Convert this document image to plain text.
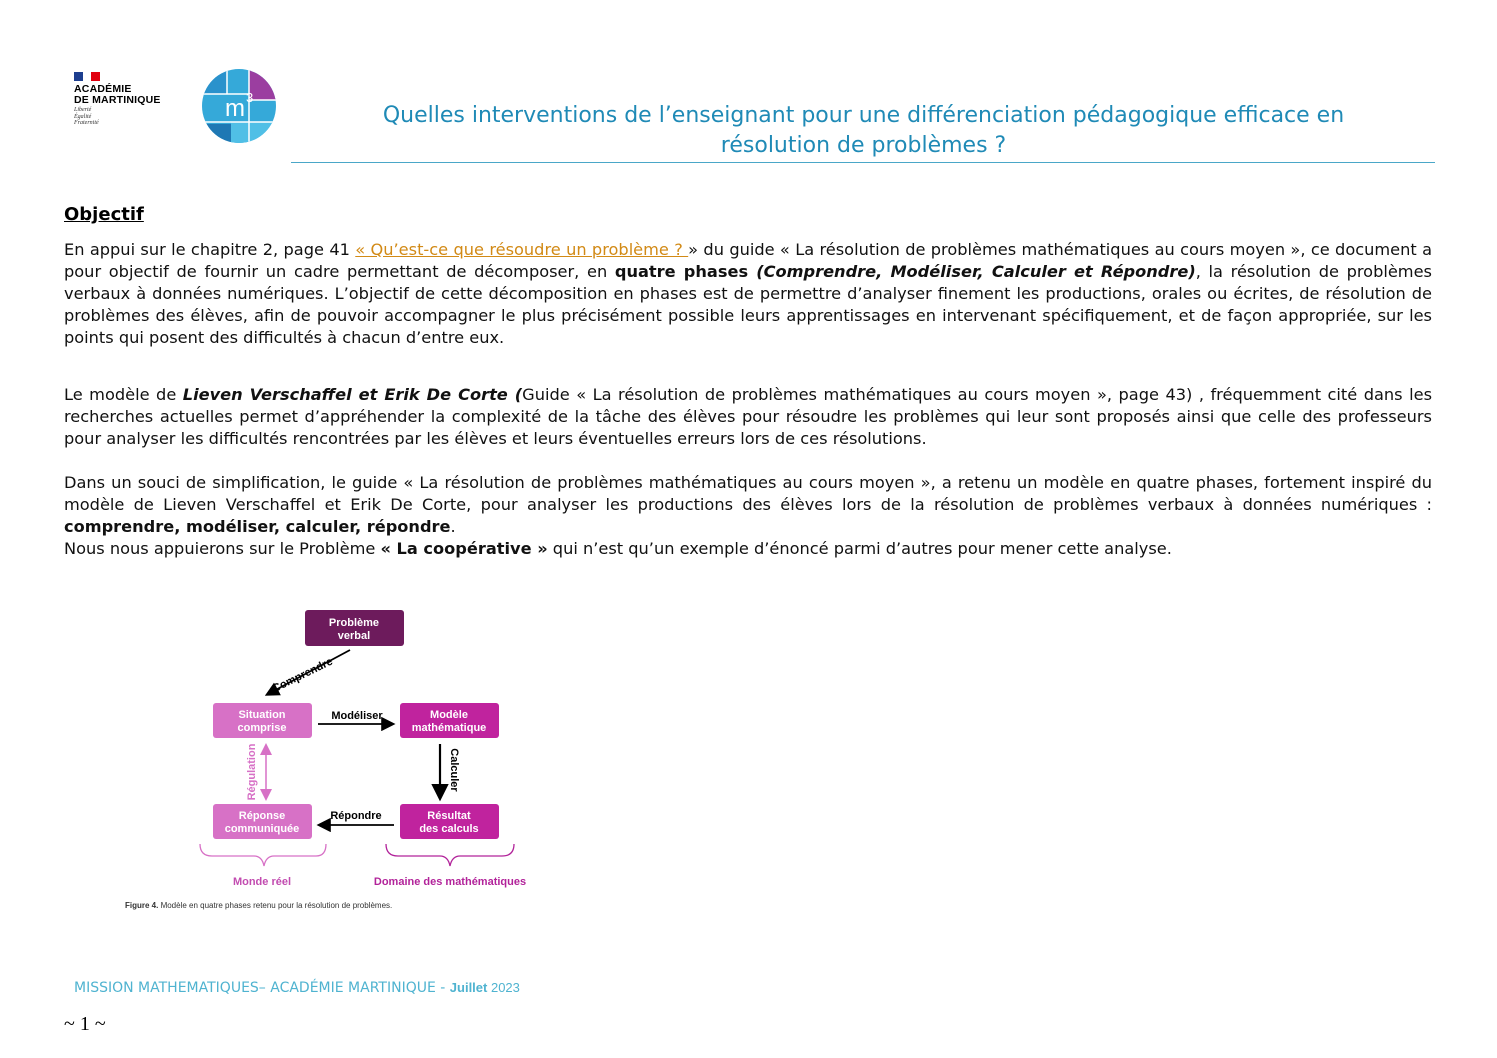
ACADÉMIE
DE MARTINIQUE
Liberté
Égalité
Fraternité
m 3
Quelles interventions de l’enseignant pour une différenciation pédagogique efficace en
résolution de problèmes ?
Objectif
En appui sur le chapitre 2, page 41 « Qu’est-ce que résoudre un problème ? » du guide « La résolution de problèmes mathématiques au cours moyen », ce document a pour objectif de fournir un cadre permettant de décomposer, en quatre phases (Comprendre, Modéliser, Calculer et Répondre), la résolution de problèmes verbaux à données numériques. L’objectif de cette décomposition en phases est de permettre d’analyser finement les productions, orales ou écrites, de résolution de problèmes des élèves, afin de pouvoir accompagner le plus précisément possible leurs apprentissages en intervenant spécifiquement, et de façon appropriée, sur les points qui posent des difficultés à chacun d’entre eux.
Le modèle de Lieven Verschaffel et Erik De Corte (Guide « La résolution de problèmes mathématiques au cours moyen », page 43) , fréquemment cité dans les recherches actuelles permet d’appréhender la complexité de la tâche des élèves pour résoudre les problèmes qui leur sont proposés ainsi que celle des professeurs pour analyser les difficultés rencontrées par les élèves et leurs éventuelles erreurs lors de ces résolutions.
Dans un souci de simplification, le guide « La résolution de problèmes mathématiques au cours moyen », a retenu un modèle en quatre phases, fortement inspiré du modèle de Lieven Verschaffel et Erik De Corte, pour analyser les productions des élèves lors de la résolution de problèmes verbaux à données numériques : comprendre, modéliser, calculer, répondre.
Nous nous appuierons sur le Problème « La coopérative » qui n’est qu’un exemple d’énoncé parmi d’autres pour mener cette analyse.
Problème
verbal
Comprendre
Situation
comprise
Modéliser	Modèle
mathématique
Calculer
Régulation
Réponse
communiquée
Répondre	Résultat
des calculs
Monde réel	Domaine des mathématiques
Figure 4. Modèle en quatre phases retenu pour la résolution de problèmes.
MISSION MATHEMATIQUES– ACADÉMIE MARTINIQUE - Juillet 2023
~ 1 ~
